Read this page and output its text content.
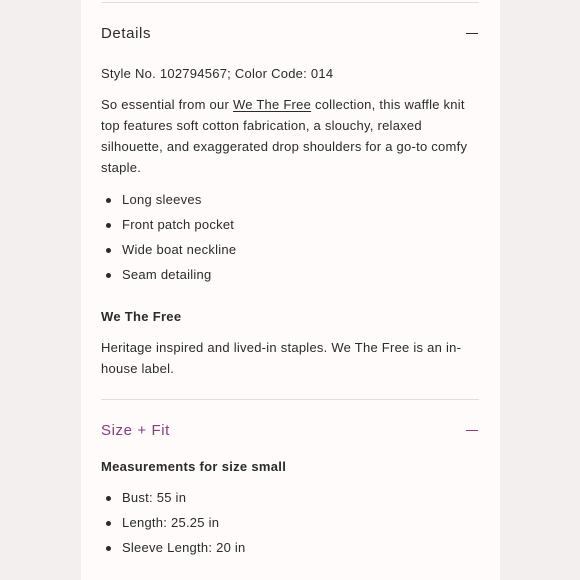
Details
Style No. 102794567; Color Code: 014
So essential from our We The Free collection, this waffle knit top features soft cotton fabrication, a slouchy, relaxed silhouette, and exaggerated drop shoulders for a go-to comfy staple.
Long sleeves
Front patch pocket
Wide boat neckline
Seam detailing
We The Free
Heritage inspired and lived-in staples. We The Free is an in-house label.
Size + Fit
Measurements for size small
Bust: 55 in
Length: 25.25 in
Sleeve Length: 20 in
